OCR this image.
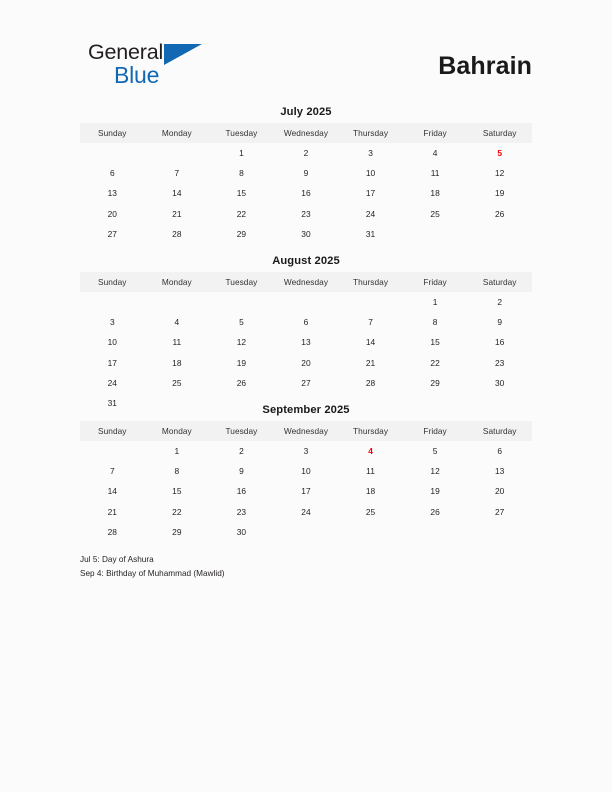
General
Blue	Bahrain
July 2025
Sunday	Monday	Tuesday	Wednesday	Thursday	Friday	Saturday
		1	2	3	4	5
6	7	8	9	10	11	12
13	14	15	16	17	18	19
20	21	22	23	24	25	26
27	28	29	30	31		
August 2025
Sunday	Monday	Tuesday	Wednesday	Thursday	Friday	Saturday
					1	2
3	4	5	6	7	8	9
10	11	12	13	14	15	16
17	18	19	20	21	22	23
24	25	26	27	28	29	30
31						
September 2025
Sunday	Monday	Tuesday	Wednesday	Thursday	Friday	Saturday
	1	2	3	4	5	6
7	8	9	10	11	12	13
14	15	16	17	18	19	20
21	22	23	24	25	26	27
28	29	30				
Jul 5: Day of Ashura
Sep 4: Birthday of Muhammad (Mawlid)
